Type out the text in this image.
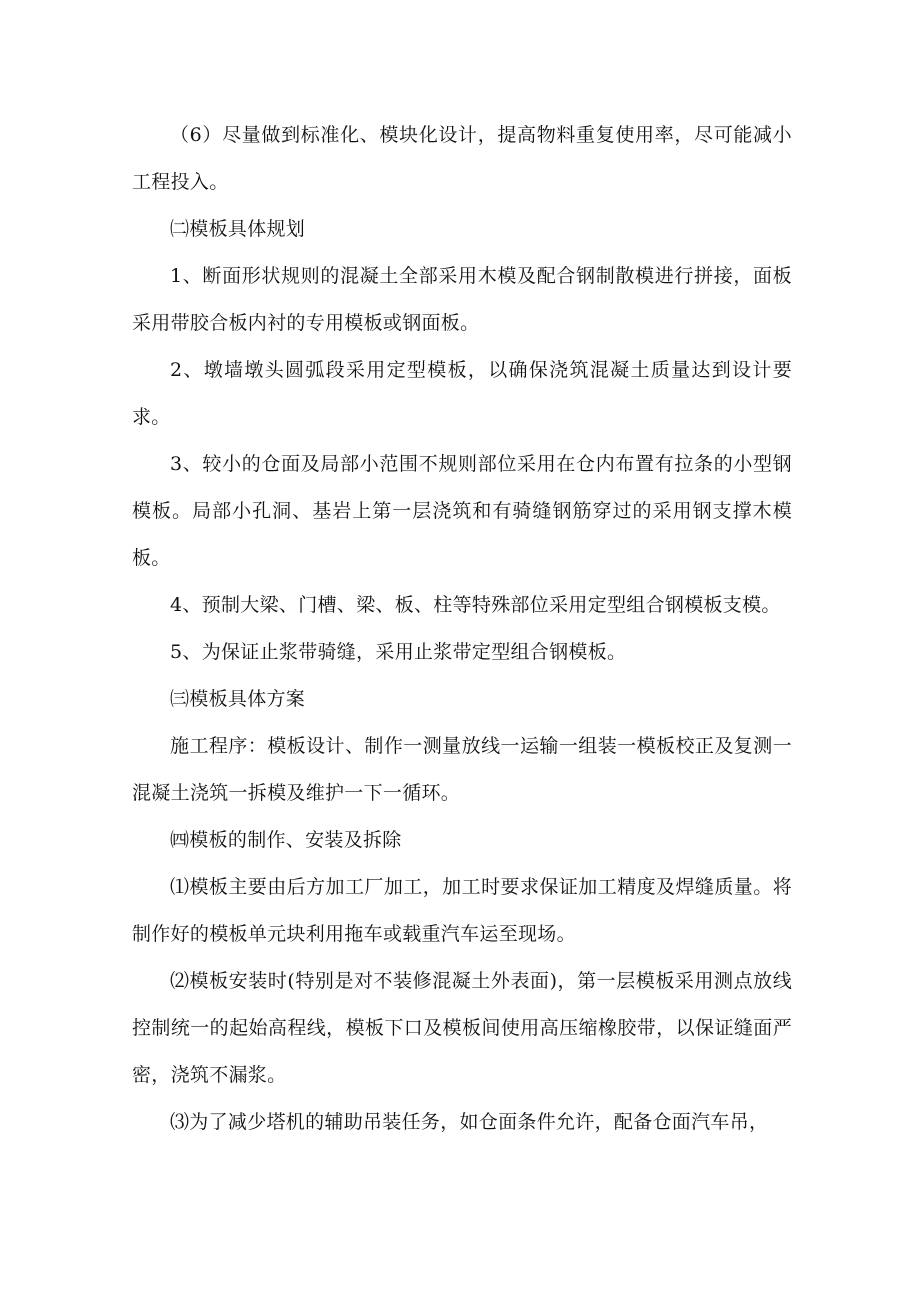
（6）尽量做到标准化、模块化设计，提高物料重复使用率，尽可能减小工程投入。

㈡模板具体规划

1、断面形状规则的混凝土全部采用木模及配合钢制散模进行拼接，面板采用带胶合板内衬的专用模板或钢面板。

2、墩墙墩头圆弧段采用定型模板，以确保浇筑混凝土质量达到设计要求。

3、较小的仓面及局部小范围不规则部位采用在仓内布置有拉条的小型钢模板。局部小孔洞、基岩上第一层浇筑和有骑缝钢筋穿过的采用钢支撑木模板。

4、预制大梁、门槽、梁、板、柱等特殊部位采用定型组合钢模板支模。

5、为保证止浆带骑缝，采用止浆带定型组合钢模板。

㈢模板具体方案

施工程序：模板设计、制作一测量放线一运输一组装一模板校正及复测一混凝土浇筑一拆模及维护一下一循环。

㈣模板的制作、安装及拆除

⑴模板主要由后方加工厂加工，加工时要求保证加工精度及焊缝质量。将制作好的模板单元块利用拖车或载重汽车运至现场。

⑵模板安装时(特别是对不装修混凝土外表面)，第一层模板采用测点放线控制统一的起始高程线，模板下口及模板间使用高压缩橡胶带，以保证缝面严密，浇筑不漏浆。

⑶为了减少塔机的辅助吊装任务，如仓面条件允许，配备仓面汽车吊，
